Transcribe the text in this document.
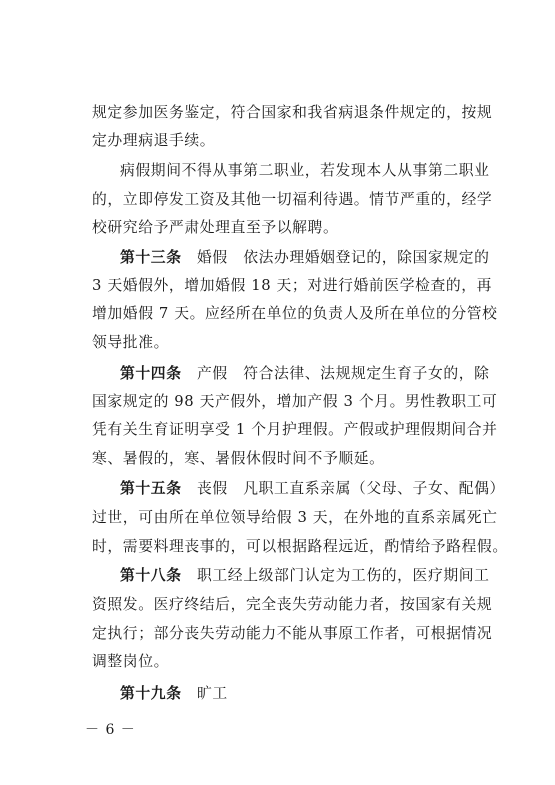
规定参加医务鉴定，符合国家和我省病退条件规定的，按规
定办理病退手续。
病假期间不得从事第二职业，若发现本人从事第二职业
的，立即停发工资及其他一切福利待遇。情节严重的，经学
校研究给予严肃处理直至予以解聘。
第十三条　 婚假　依法办理婚姻登记的，除国家规定的
3 天婚假外，增加婚假 18 天；对进行婚前医学检查的，再
增加婚假 7 天。应经所在单位的负责人及所在单位的分管校
领导批准。
第十四条　 产假　符合法律、法规规定生育子女的，除
国家规定的 98 天产假外，增加产假 3 个月。男性教职工可
凭有关生育证明享受 1 个月护理假。产假或护理假期间合并
寒、暑假的，寒、暑假休假时间不予顺延。
第十五条　 丧假　凡职工直系亲属（父母、子女、配偶）
过世，可由所在单位领导给假 3 天，在外地的直系亲属死亡
时，需要料理丧事的，可以根据路程远近，酌情给予路程假。
第十八条　 职工经上级部门认定为工伤的，医疗期间工
资照发。医疗终结后，完全丧失劳动能力者，按国家有关规
定执行；部分丧失劳动能力不能从事原工作者，可根据情况
调整岗位。
第十九条　 旷工
－ 6 －
